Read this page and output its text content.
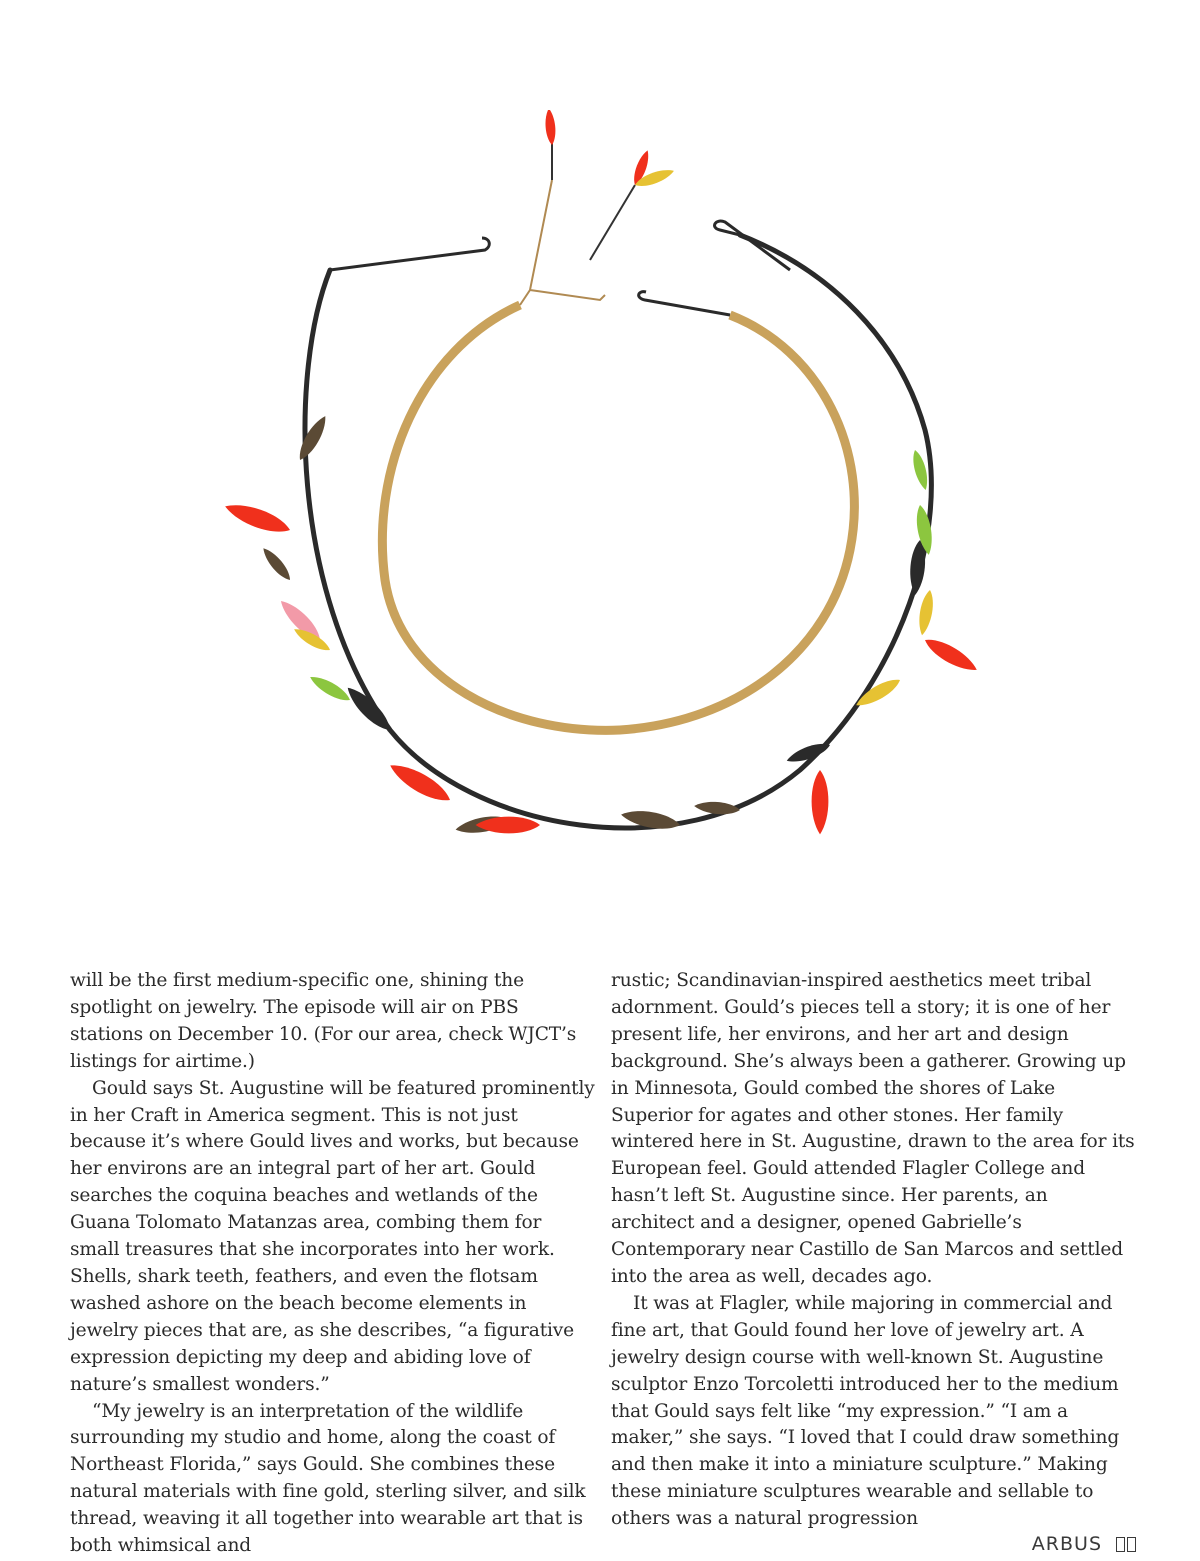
will be the first medium-specific one, shining the spotlight on jewelry. The episode will air on PBS stations on December 10. (For our area, check WJCT’s listings for airtime.)

Gould says St. Augustine will be featured prominently in her Craft in America segment. This is not just because it’s where Gould lives and works, but because her environs are an integral part of her art. Gould searches the coquina beaches and wetlands of the Guana Tolomato Matanzas area, combing them for small treasures that she incorporates into her work. Shells, shark teeth, feathers, and even the flotsam washed ashore on the beach become elements in jewelry pieces that are, as she describes, “a figurative expression depicting my deep and abiding love of nature’s smallest wonders.”

“My jewelry is an interpretation of the wildlife surrounding my studio and home, along the coast of Northeast Florida,” says Gould. She combines these natural materials with fine gold, sterling silver, and silk thread, weaving it all together into wearable art that is both whimsical and

rustic; Scandinavian-inspired aesthetics meet tribal adornment. Gould’s pieces tell a story; it is one of her present life, her environs, and her art and design background. She’s always been a gatherer. Growing up in Minnesota, Gould combed the shores of Lake Superior for agates and other stones. Her family wintered here in St. Augustine, drawn to the area for its European feel. Gould attended Flagler College and hasn’t left St. Augustine since. Her parents, an architect and a designer, opened Gabrielle’s Contemporary near Castillo de San Marcos and settled into the area as well, decades ago.

It was at Flagler, while majoring in commercial and fine art, that Gould found her love of jewelry art. A jewelry design course with well-known St. Augustine sculptor Enzo Torcoletti introduced her to the medium that Gould says felt like “my expression.” “I am a maker,” she says. “I loved that I could draw something and then make it into a miniature sculpture.” Making these miniature sculptures wearable and sellable to others was a natural progression

ARBUS
